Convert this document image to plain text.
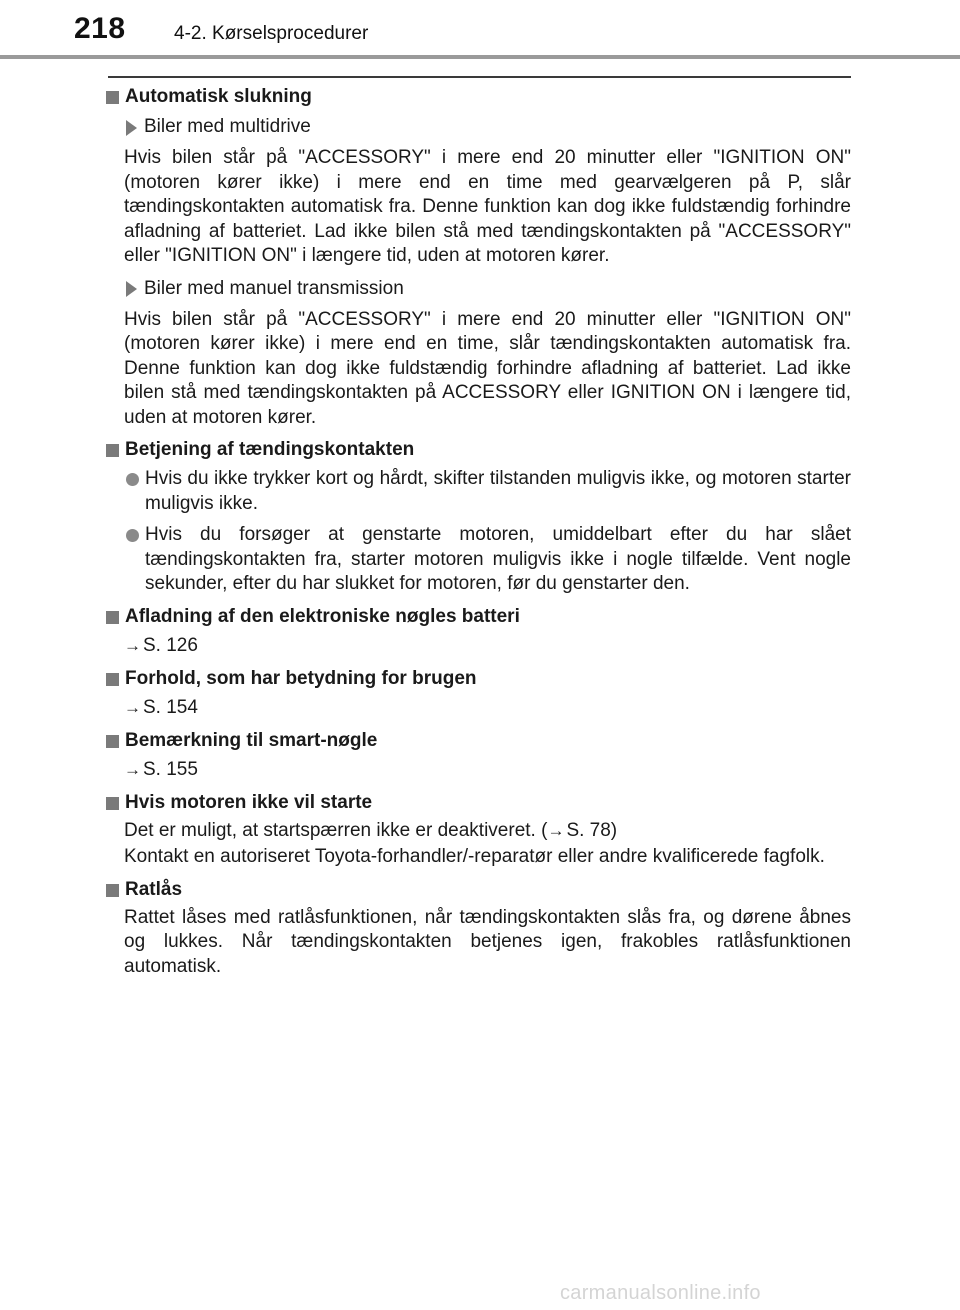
218	4-2. Kørselsprocedurer
Automatisk slukning
Biler med multidrive
Hvis bilen står på "ACCESSORY" i mere end 20 minutter eller "IGNITION ON" (motoren kører ikke) i mere end en time med gearvælgeren på P, slår tændingskontakten automatisk fra. Denne funktion kan dog ikke fuldstændig forhindre afladning af batteriet. Lad ikke bilen stå med tændingskontakten på "ACCESSORY" eller "IGNITION ON" i længere tid, uden at motoren kører.
Biler med manuel transmission
Hvis bilen står på "ACCESSORY" i mere end 20 minutter eller "IGNITION ON" (motoren kører ikke) i mere end en time, slår tændingskontakten automatisk fra. Denne funktion kan dog ikke fuldstændig forhindre afladning af batteriet. Lad ikke bilen stå med tændingskontakten på ACCESSORY eller IGNITION ON i længere tid, uden at motoren kører.
Betjening af tændingskontakten
Hvis du ikke trykker kort og hårdt, skifter tilstanden muligvis ikke, og motoren starter muligvis ikke.
Hvis du forsøger at genstarte motoren, umiddelbart efter du har slået tændingskontakten fra, starter motoren muligvis ikke i nogle tilfælde. Vent nogle sekunder, efter du har slukket for motoren, før du genstarter den.
Afladning af den elektroniske nøgles batteri
→ S. 126
Forhold, som har betydning for brugen
→ S. 154
Bemærkning til smart-nøgle
→ S. 155
Hvis motoren ikke vil starte
Det er muligt, at startspærren ikke er deaktiveret. (→ S. 78)
Kontakt en autoriseret Toyota-forhandler/-reparatør eller andre kvalificerede fagfolk.
Ratlås
Rattet låses med ratlåsfunktionen, når tændingskontakten slås fra, og dørene åbnes og lukkes. Når tændingskontakten betjenes igen, frakobles ratlåsfunktionen automatisk.
carmanualsonline.info
